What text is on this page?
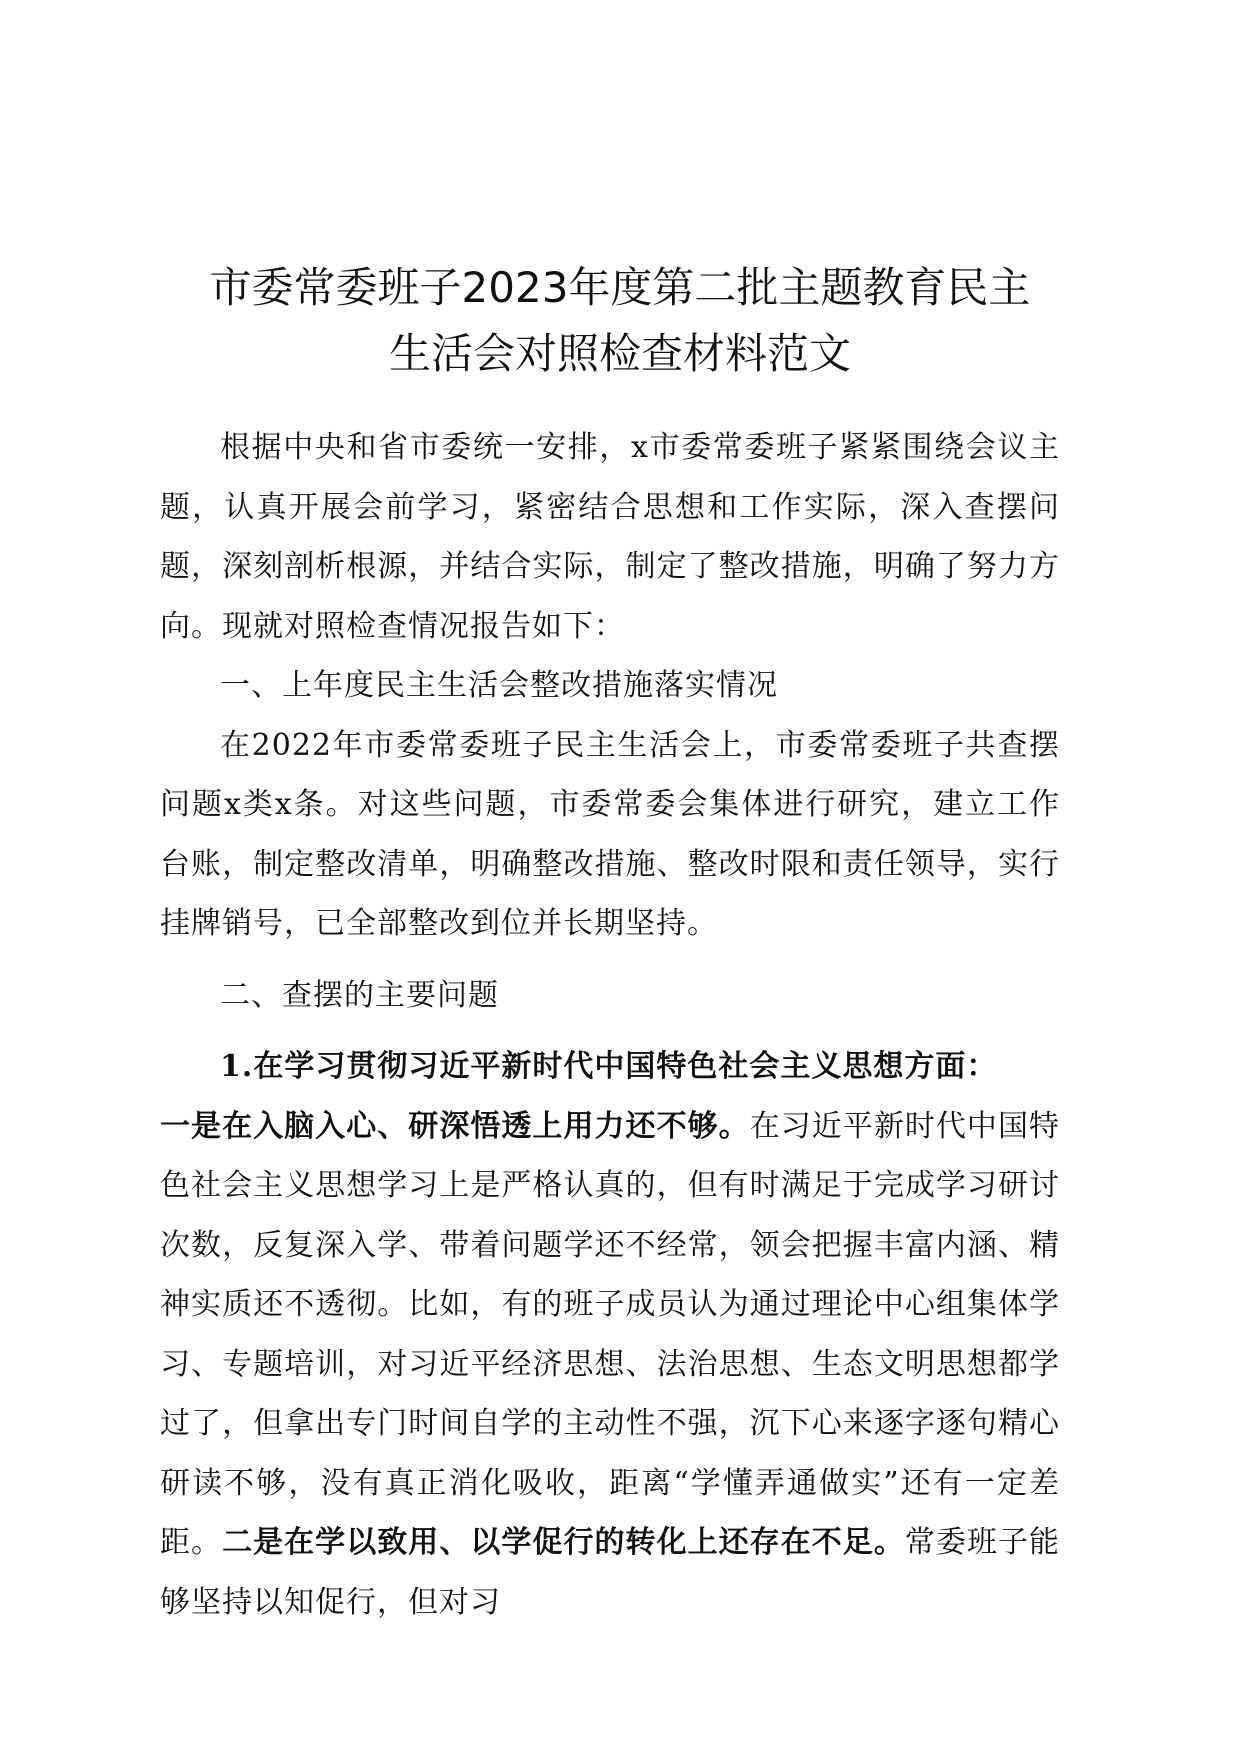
市委常委班子2023年度第二批主题教育民主
生活会对照检查材料范文

根据中央和省市委统一安排，x市委常委班子紧紧围绕会议主题，认真开展会前学习，紧密结合思想和工作实际，深入查摆问题，深刻剖析根源，并结合实际，制定了整改措施，明确了努力方向。现就对照检查情况报告如下：

一、上年度民主生活会整改措施落实情况

在2022年市委常委班子民主生活会上，市委常委班子共查摆问题x类x条。对这些问题，市委常委会集体进行研究，建立工作台账，制定整改清单，明确整改措施、整改时限和责任领导，实行挂牌销号，已全部整改到位并长期坚持。

二、查摆的主要问题

1.在学习贯彻习近平新时代中国特色社会主义思想方面：

一是在入脑入心、研深悟透上用力还不够。在习近平新时代中国特色社会主义思想学习上是严格认真的，但有时满足于完成学习研讨次数，反复深入学、带着问题学还不经常，领会把握丰富内涵、精神实质还不透彻。比如，有的班子成员认为通过理论中心组集体学习、专题培训，对习近平经济思想、法治思想、生态文明思想都学过了，但拿出专门时间自学的主动性不强，沉下心来逐字逐句精心研读不够，没有真正消化吸收，距离“学懂弄通做实”还有一定差距。二是在学以致用、以学促行的转化上还存在不足。常委班子能够坚持以知促行，但对习
